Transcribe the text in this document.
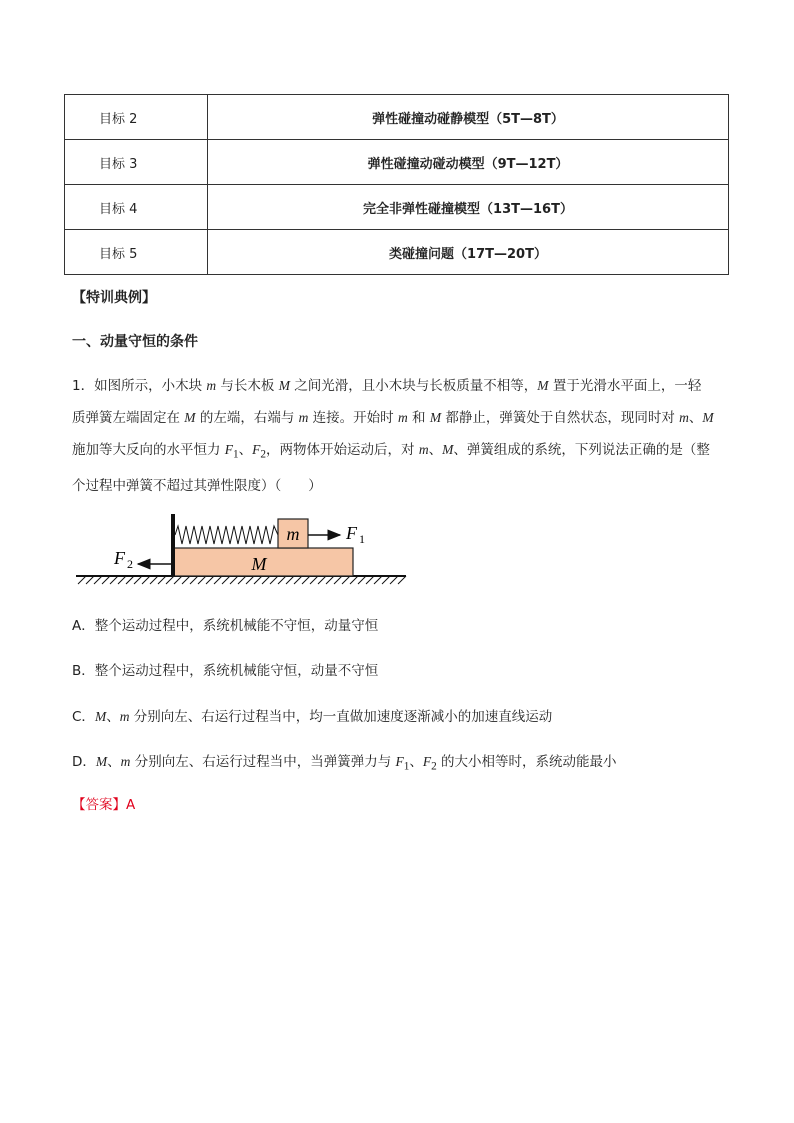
目标 2	弹性碰撞动碰静模型（5T—8T）
目标 3	弹性碰撞动碰动模型（9T—12T）
目标 4	完全非弹性碰撞模型（13T—16T）
目标 5	类碰撞问题（17T—20T）
【特训典例】
一、动量守恒的条件
1．如图所示，小木块 m 与长木板 M 之间光滑，且小木块与长板质量不相等，M 置于光滑水平面上，一轻
质弹簧左端固定在 M 的左端，右端与 m 连接。开始时 m 和 M 都静止，弹簧处于自然状态，现同时对 m、M
施加等大反向的水平恒力 $F_1$、$F_2$，两物体开始运动后，对 m、M、弹簧组成的系统，下列说法正确的是（整
个过程中弹簧不超过其弹性限度）（　　）
m
M
F 1
F 2
A．整个运动过程中，系统机械能不守恒，动量守恒
B．整个运动过程中，系统机械能守恒，动量不守恒
C．M、m 分别向左、右运行过程当中，均一直做加速度逐渐减小的加速直线运动
D．M、m 分别向左、右运行过程当中，当弹簧弹力与 $F_1$、$F_2$ 的大小相等时，系统动能最小
【答案】A
